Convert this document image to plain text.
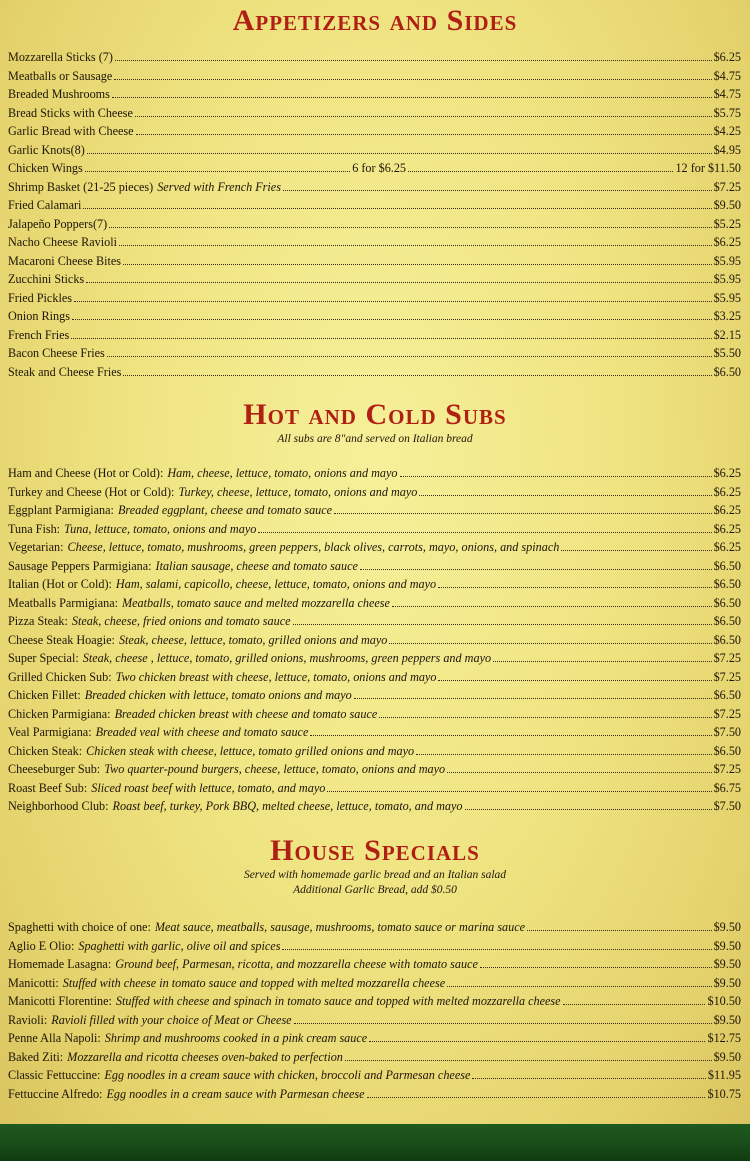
Appetizers and Sides
Mozzarella Sticks (7)	$6.25
Meatballs or Sausage	$4.75
Breaded Mushrooms	$4.75
Bread Sticks with Cheese	$5.75
Garlic Bread with Cheese	$4.25
Garlic Knots(8)	$4.95
Chicken Wings	6 for $6.25	12 for $11.50
Shrimp Basket (21-25 pieces) Served with French Fries	$7.25
Fried Calamari	$9.50
Jalapeño Poppers(7)	$5.25
Nacho Cheese Ravioli	$6.25
Macaroni Cheese Bites	$5.95
Zucchini Sticks	$5.95
Fried Pickles	$5.95
Onion Rings	$3.25
French Fries	$2.15
Bacon Cheese Fries	$5.50
Steak and Cheese Fries	$6.50
Hot and Cold Subs

All subs are 8"and served on Italian bread

Ham and Cheese (Hot or Cold): Ham, cheese, lettuce, tomato, onions and mayo	$6.25
Turkey and Cheese (Hot or Cold): Turkey, cheese, lettuce, tomato, onions and mayo	$6.25
Eggplant Parmigiana: Breaded eggplant, cheese and tomato sauce	$6.25
Tuna Fish: Tuna, lettuce, tomato, onions and mayo	$6.25
Vegetarian: Cheese, lettuce, tomato, mushrooms, green peppers, black olives, carrots, mayo, onions, and spinach	$6.25
Sausage Peppers Parmigiana: Italian sausage, cheese and tomato sauce	$6.50
Italian (Hot or Cold): Ham, salami, capicollo, cheese, lettuce, tomato, onions and mayo	$6.50
Meatballs Parmigiana: Meatballs, tomato sauce and melted mozzarella cheese	$6.50
Pizza Steak: Steak, cheese, fried onions and tomato sauce	$6.50
Cheese Steak Hoagie: Steak, cheese, lettuce, tomato, grilled onions and mayo	$6.50
Super Special: Steak, cheese , lettuce, tomato, grilled onions, mushrooms, green peppers and mayo	$7.25
Grilled Chicken Sub: Two chicken breast with cheese, lettuce, tomato, onions and mayo	$7.25
Chicken Fillet: Breaded chicken with lettuce, tomato onions and mayo	$6.50
Chicken Parmigiana: Breaded chicken breast with cheese and tomato sauce	$7.25
Veal Parmigiana: Breaded veal with cheese and tomato sauce	$7.50
Chicken Steak: Chicken steak with cheese, lettuce, tomato grilled onions and mayo	$6.50
Cheeseburger Sub: Two quarter-pound burgers, cheese, lettuce, tomato, onions and mayo	$7.25
Roast Beef Sub: Sliced roast beef with lettuce, tomato, and mayo	$6.75
Neighborhood Club: Roast beef, turkey, Pork BBQ, melted cheese, lettuce, tomato, and mayo	$7.50
House Specials

Served with homemade garlic bread and an Italian salad

Additional Garlic Bread, add $0.50

Spaghetti with choice of one: Meat sauce, meatballs, sausage, mushrooms, tomato sauce or marina sauce	$9.50
Aglio E Olio: Spaghetti with garlic, olive oil and spices	$9.50
Homemade Lasagna: Ground beef, Parmesan, ricotta, and mozzarella cheese with tomato sauce	$9.50
Manicotti: Stuffed with cheese in tomato sauce and topped with melted mozzarella cheese	$9.50
Manicotti Florentine: Stuffed with cheese and spinach in tomato sauce and topped with melted mozzarella cheese	$10.50
Ravioli: Ravioli filled with your choice of Meat or Cheese	$9.50
Penne Alla Napoli: Shrimp and mushrooms cooked in a pink cream sauce	$12.75
Baked Ziti: Mozzarella and ricotta cheeses oven-baked to perfection	$9.50
Classic Fettuccine: Egg noodles in a cream sauce with chicken, broccoli and Parmesan cheese	$11.95
Fettuccine Alfredo: Egg noodles in a cream sauce with Parmesan cheese	$10.75
